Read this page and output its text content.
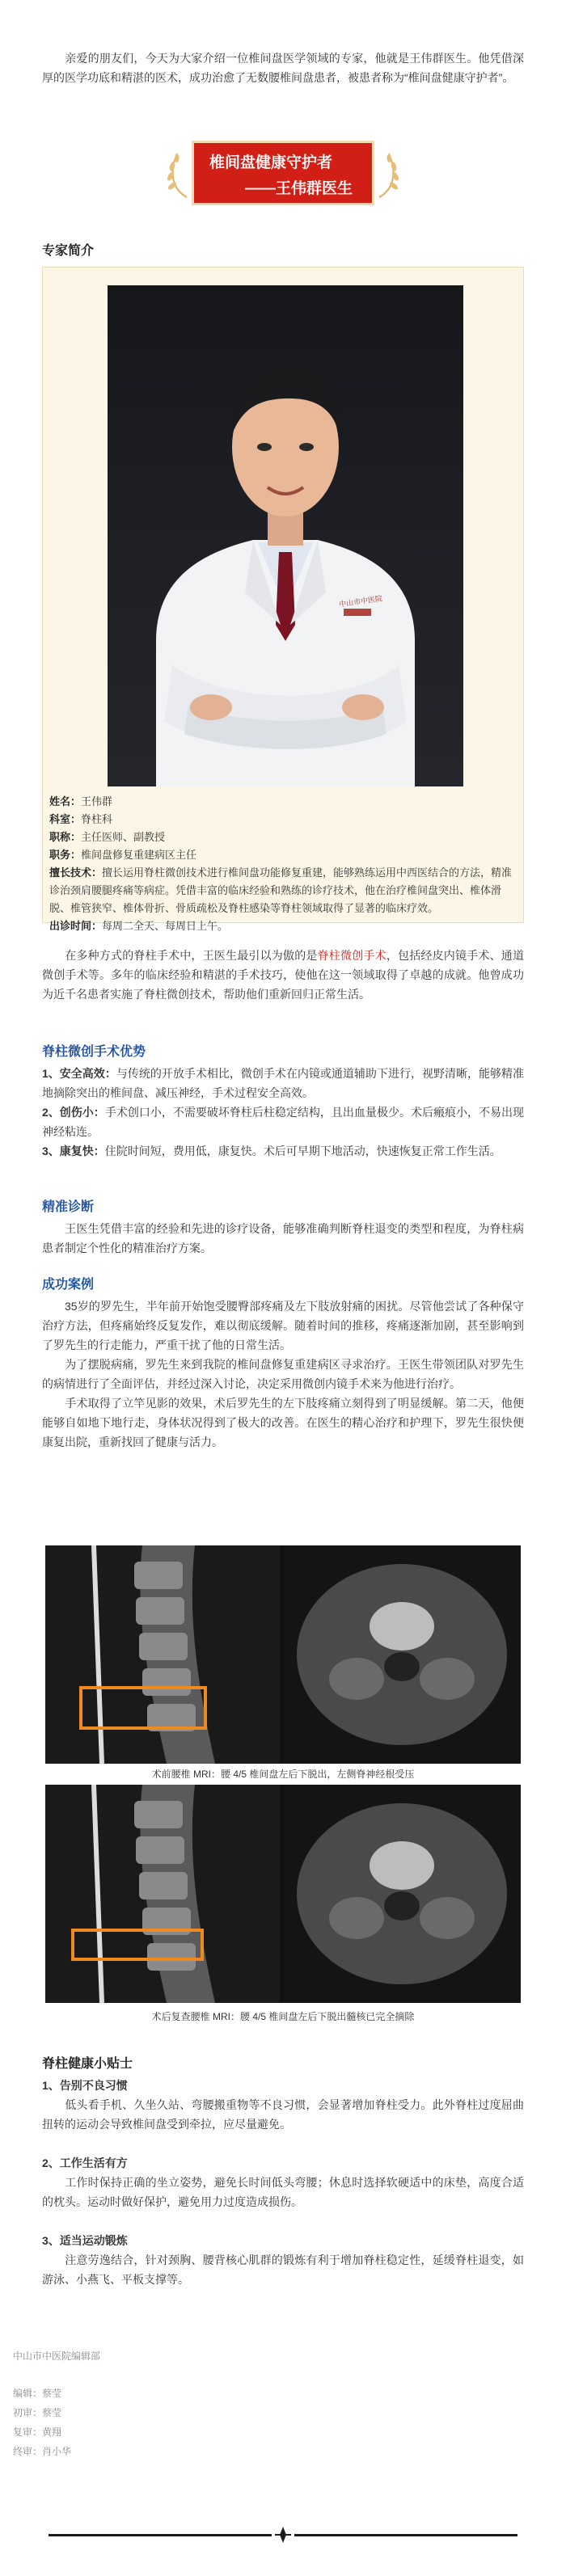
亲爱的朋友们，今天为大家介绍一位椎间盘医学领域的专家，他就是王伟群医生。他凭借深厚的医学功底和精湛的医术，成功治愈了无数腰椎间盘患者，被患者称为“椎间盘健康守护者”。

椎间盘健康守护者
——王伟群医生
专家简介
中山市中医院
姓名：王伟群
科室：脊柱科
职称：主任医师、副教授
职务：椎间盘修复重建病区主任
擅长技术：擅长运用脊柱微创技术进行椎间盘功能修复重建，能够熟练运用中西医结合的方法，精准诊治颈肩腰腿疼痛等病症。凭借丰富的临床经验和熟练的诊疗技术，他在治疗椎间盘突出、椎体滑脱、椎管狭窄、椎体骨折、骨质疏松及脊柱感染等脊柱领域取得了显著的临床疗效。
出诊时间：每周二全天、每周日上午。

在多种方式的脊柱手术中，王医生最引以为傲的是脊柱微创手术，包括经皮内镜手术、通道微创手术等。多年的临床经验和精湛的手术技巧，使他在这一领域取得了卓越的成就。他曾成功为近千名患者实施了脊柱微创技术，帮助他们重新回归正常生活。

脊柱微创手术优势
1、安全高效：与传统的开放手术相比，微创手术在内镜或通道辅助下进行，视野清晰，能够精准地摘除突出的椎间盘、减压神经，手术过程安全高效。
2、创伤小：手术创口小，不需要破坏脊柱后柱稳定结构，且出血量极少。术后瘢痕小，不易出现神经粘连。
3、康复快：住院时间短，费用低，康复快。术后可早期下地活动，快速恢复正常工作生活。
精准诊断

王医生凭借丰富的经验和先进的诊疗设备，能够准确判断脊柱退变的类型和程度，为脊柱病患者制定个性化的精准治疗方案。

成功案例
35岁的罗先生，半年前开始饱受腰臀部疼痛及左下肢放射痛的困扰。尽管他尝试了各种保守治疗方法，但疼痛始终反复发作，难以彻底缓解。随着时间的推移，疼痛逐渐加剧，甚至影响到了罗先生的行走能力，严重干扰了他的日常生活。
为了摆脱病痛，罗先生来到我院的椎间盘修复重建病区寻求治疗。王医生带领团队对罗先生的病情进行了全面评估，并经过深入讨论，决定采用微创内镜手术来为他进行治疗。
手术取得了立竿见影的效果，术后罗先生的左下肢疼痛立刻得到了明显缓解。第二天，他便能够自如地下地行走，身体状况得到了极大的改善。在医生的精心治疗和护理下，罗先生很快便康复出院，重新找回了健康与活力。

术前腰椎 MRI：腰 4/5 椎间盘左后下脱出，左侧脊神经根受压

术后复查腰椎 MRI：腰 4/5 椎间盘左后下脱出髓核已完全摘除

脊柱健康小贴士
1、告别不良习惯
低头看手机、久坐久站、弯腰搬重物等不良习惯，会显著增加脊柱受力。此外脊柱过度屈曲扭转的运动会导致椎间盘受到牵拉，应尽量避免。
2、工作生活有方
工作时保持正确的坐立姿势，避免长时间低头弯腰；休息时选择软硬适中的床垫，高度合适的枕头。运动时做好保护，避免用力过度造成损伤。
3、适当运动锻炼
注意劳逸结合，针对颈胸、腰背核心肌群的锻炼有利于增加脊柱稳定性，延缓脊柱退变，如游泳、小燕飞、平板支撑等。

中山市中医院编辑部

编辑：蔡莹

初审：蔡莹

复审：黄翔

终审：肖小华
